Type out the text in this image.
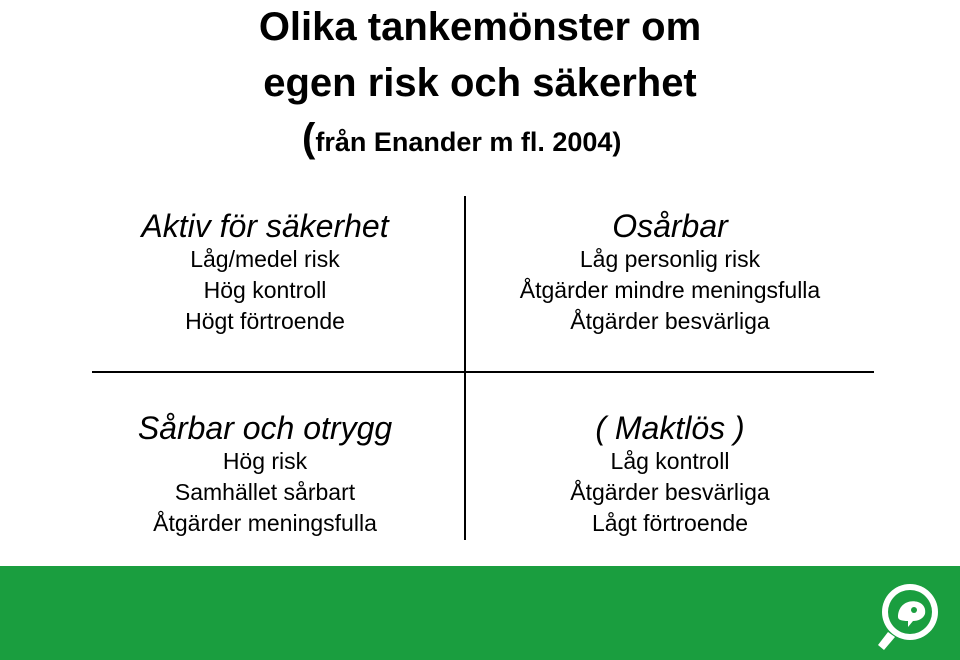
Olika tankemönster om
egen risk och säkerhet
(från Enander m fl. 2004)
Aktiv för säkerhet
Låg/medel risk
Hög kontroll
Högt förtroende
Osårbar
Låg personlig risk
Åtgärder mindre meningsfulla
Åtgärder besvärliga
Sårbar och otrygg
Hög risk
Samhället sårbart
Åtgärder meningsfulla
( Maktlös )
Låg kontroll
Åtgärder besvärliga
Lågt förtroende
